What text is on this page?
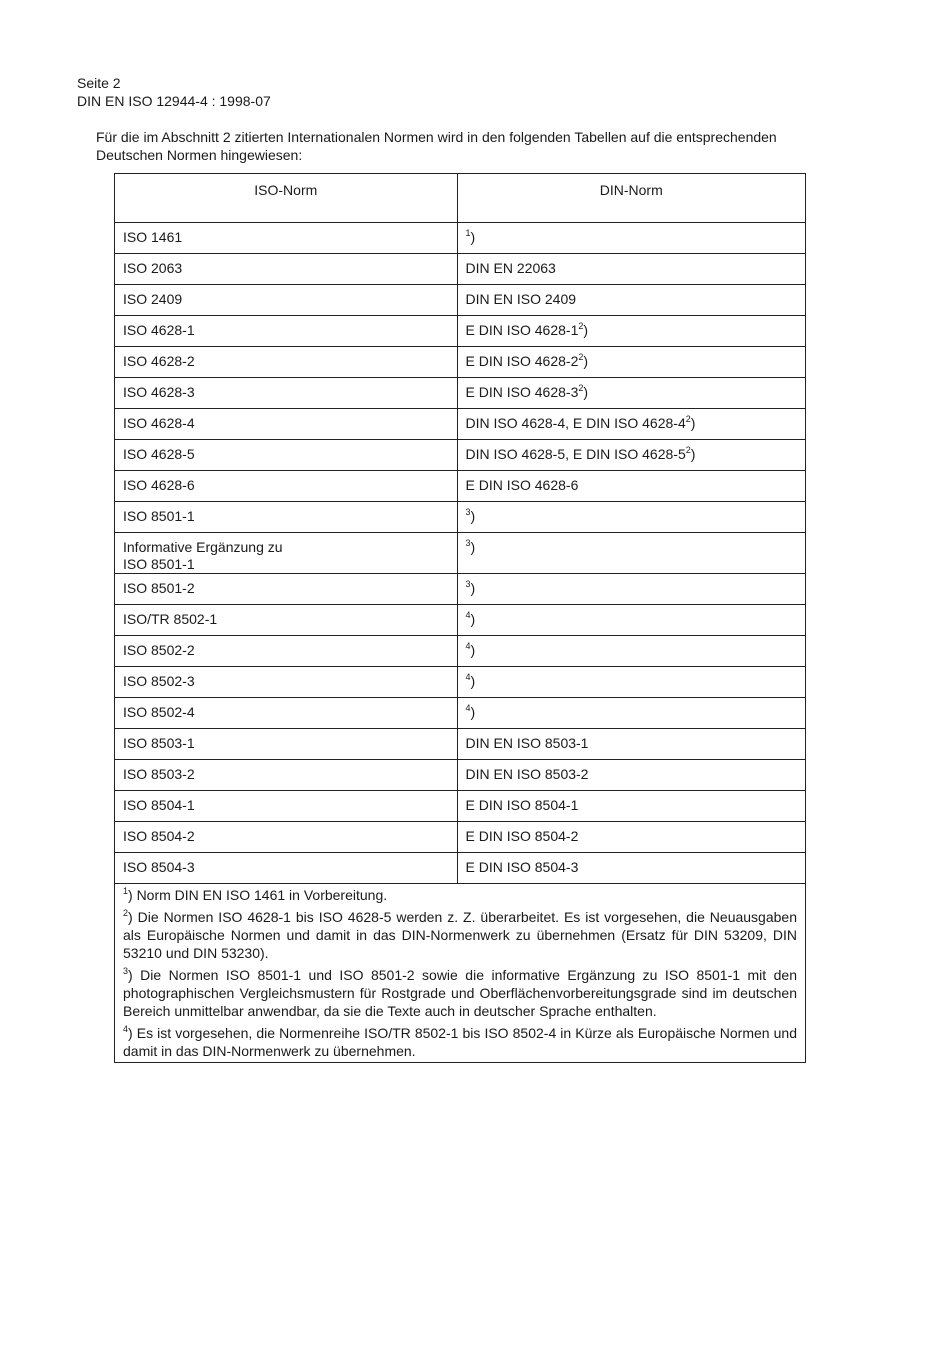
Seite 2
DIN EN ISO 12944-4 : 1998-07
Für die im Abschnitt 2 zitierten Internationalen Normen wird in den folgenden Tabellen auf die entsprechenden Deutschen Normen hingewiesen:
ISO-Norm	DIN-Norm
ISO 1461	$^1$)
ISO 2063	DIN EN 22063
ISO 2409	DIN EN ISO 2409
ISO 4628-1	E DIN ISO $4628-1^2$)
ISO 4628-2	E DIN ISO $4628-2^2$)
ISO 4628-3	E DIN ISO $4628-3^2$)
ISO 4628-4	DIN ISO 4628-4, E DIN ISO $4628-4^2$)
ISO 4628-5	DIN ISO 4628-5, E DIN ISO $4628-5^2$)
ISO 4628-6	E DIN ISO 4628-6
ISO 8501-1	$^3$)
Informative Ergänzung zu
ISO 8501-1	$^3$)
ISO 8501-2	$^3$)
ISO/TR 8502-1	$^4$)
ISO 8502-2	$^4$)
ISO 8502-3	$^4$)
ISO 8502-4	$^4$)
ISO 8503-1	DIN EN ISO 8503-1
ISO 8503-2	DIN EN ISO 8503-2
ISO 8504-1	E DIN ISO 8504-1
ISO 8504-2	E DIN ISO 8504-2
ISO 8504-3	E DIN ISO 8504-3

$^1$) Norm DIN EN ISO 1461 in Vorbereitung.
$^2$) Die Normen ISO 4628-1 bis ISO 4628-5 werden z. Z. überarbeitet. Es ist vorgesehen, die Neuausgaben als Europäische Normen und damit in das DIN-Normenwerk zu übernehmen (Ersatz für DIN 53209, DIN 53210 und DIN 53230).
$^3$) Die Normen ISO 8501-1 und ISO 8501-2 sowie die informative Ergänzung zu ISO 8501-1 mit den photographischen Vergleichsmustern für Rostgrade und Oberflächenvorbereitungsgrade sind im deutschen Bereich unmittelbar anwendbar, da sie die Texte auch in deutscher Sprache enthalten.
$^4$) Es ist vorgesehen, die Normenreihe ISO/TR 8502-1 bis ISO 8502-4 in Kürze als Europäische Normen und damit in das DIN-Normenwerk zu übernehmen.	
